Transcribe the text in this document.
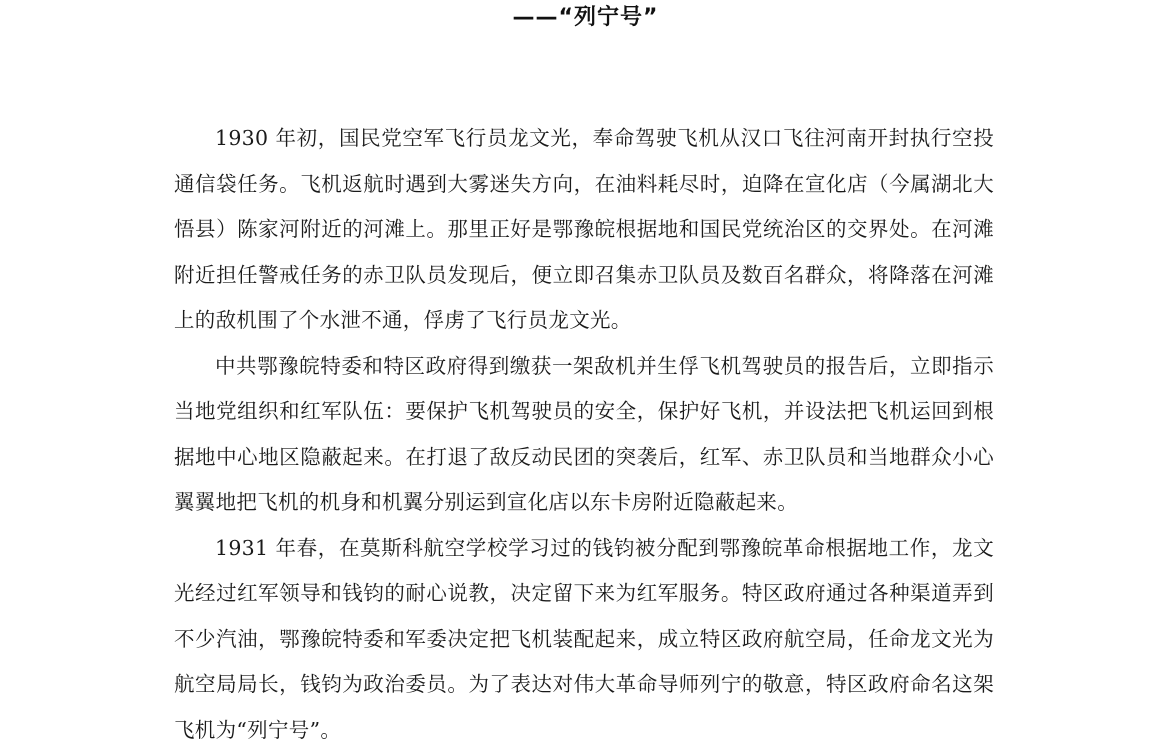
——“列宁号”

1930 年初，国民党空军飞行员龙文光，奉命驾驶飞机从汉口飞往河南开封执行空投通信袋任务。飞机返航时遇到大雾迷失方向，在油料耗尽时，迫降在宣化店（今属湖北大悟县）陈家河附近的河滩上。那里正好是鄂豫皖根据地和国民党统治区的交界处。在河滩附近担任警戒任务的赤卫队员发现后，便立即召集赤卫队员及数百名群众，将降落在河滩上的敌机围了个水泄不通，俘虏了飞行员龙文光。

中共鄂豫皖特委和特区政府得到缴获一架敌机并生俘飞机驾驶员的报告后，立即指示当地党组织和红军队伍：要保护飞机驾驶员的安全，保护好飞机，并设法把飞机运回到根据地中心地区隐蔽起来。在打退了敌反动民团的突袭后，红军、赤卫队员和当地群众小心翼翼地把飞机的机身和机翼分别运到宣化店以东卡房附近隐蔽起来。

1931 年春，在莫斯科航空学校学习过的钱钧被分配到鄂豫皖革命根据地工作，龙文光经过红军领导和钱钧的耐心说教，决定留下来为红军服务。特区政府通过各种渠道弄到不少汽油，鄂豫皖特委和军委决定把飞机装配起来，成立特区政府航空局，任命龙文光为航空局局长，钱钧为政治委员。为了表达对伟大革命导师列宁的敬意，特区政府命名这架飞机为“列宁号”。
